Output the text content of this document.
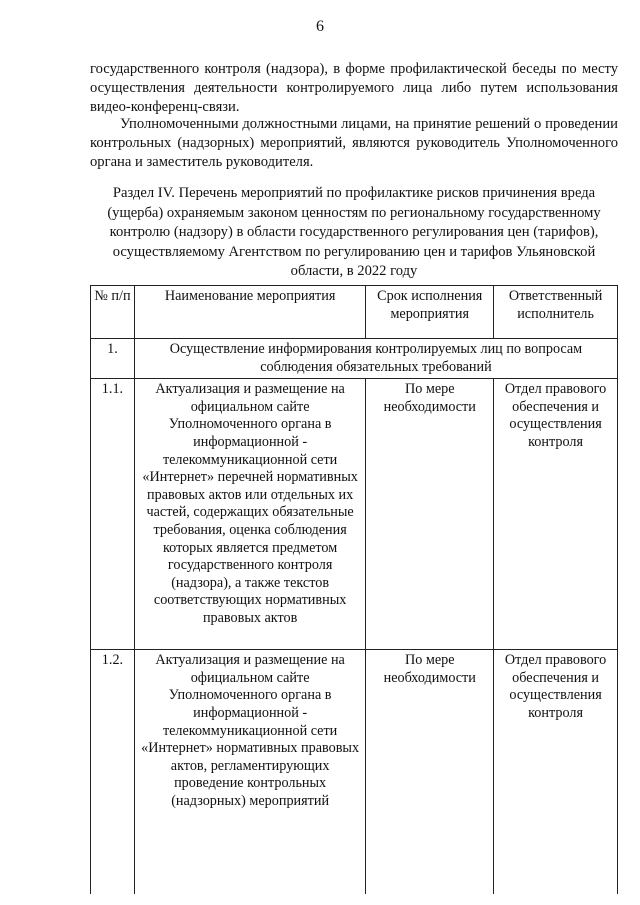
6

государственного контроля (надзора), в форме профилактической беседы по месту осуществления деятельности контролируемого лица либо путем использования видео-конференц-связи.

Уполномоченными должностными лицами, на принятие решений о проведении контрольных (надзорных) мероприятий, являются руководитель Уполномоченного органа и заместитель руководителя.

Раздел IV. Перечень мероприятий по профилактике рисков причинения вреда (ущерба) охраняемым законом ценностям по региональному государственному контролю (надзору) в области государственного регулирования цен (тарифов), осуществляемому Агентством по регулированию цен и тарифов Ульяновской области, в 2022 году
№ п/п	Наименование мероприятия	Срок исполнения мероприятия	Ответственный исполнитель
1.	Осуществление информирования контролируемых лиц по вопросам соблюдения обязательных требований		
1.1.	Актуализация и размещение на официальном сайте Уполномоченного органа в информационной - телекоммуникационной сети «Интернет» перечней нормативных правовых актов или отдельных их частей, содержащих обязательные требования, оценка соблюдения которых является предметом государственного контроля (надзора), а также текстов соответствующих нормативных правовых актов	По мере необходимости	Отдел правового обеспечения и осуществления контроля
1.2.	Актуализация и размещение на официальном сайте Уполномоченного органа в информационной - телекоммуникационной сети «Интернет» нормативных правовых актов, регламентирующих проведение контрольных (надзорных) мероприятий	По мере необходимости	Отдел правового обеспечения и осуществления контроля
